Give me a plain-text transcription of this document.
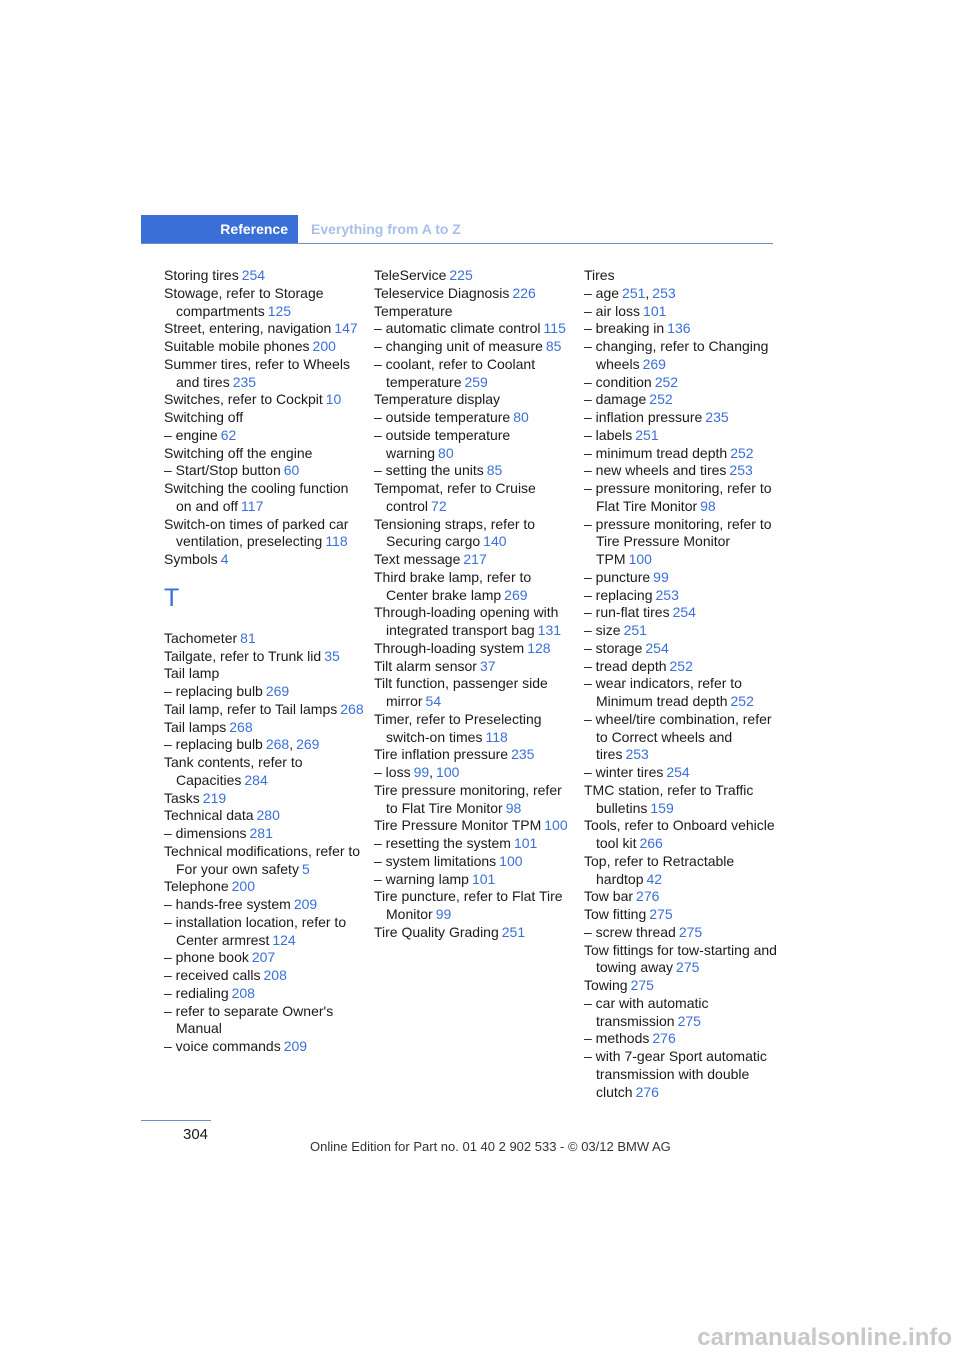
Reference	Everything from A to Z
Storing tires 254
Stowage, refer to Storage compartments 125
Street, entering, navigation 147
Suitable mobile phones 200
Summer tires, refer to Wheels and tires 235
Switches, refer to Cockpit 10
Switching off
– engine 62
Switching off the engine
– Start/Stop button 60
Switching the cooling function on and off 117
Switch-on times of parked car ventilation, preselecting 118
Symbols 4
T
Tachometer 81
Tailgate, refer to Trunk lid 35
Tail lamp
– replacing bulb 269
Tail lamp, refer to Tail lamps 268
Tail lamps 268
– replacing bulb 268, 269
Tank contents, refer to Capacities 284
Tasks 219
Technical data 280
– dimensions 281
Technical modifications, refer to For your own safety 5
Telephone 200
– hands-free system 209
– installation location, refer to Center armrest 124
– phone book 207
– received calls 208
– redialing 208
– refer to separate Owner's Manual
– voice commands 209
TeleService 225
Teleservice Diagnosis 226
Temperature
– automatic climate control 115
– changing unit of measure 85
– coolant, refer to Coolant temperature 259
Temperature display
– outside temperature 80
– outside temperature warning 80
– setting the units 85
Tempomat, refer to Cruise control 72
Tensioning straps, refer to Securing cargo 140
Text message 217
Third brake lamp, refer to Center brake lamp 269
Through-loading opening with integrated transport bag 131
Through-loading system 128
Tilt alarm sensor 37
Tilt function, passenger side mirror 54
Timer, refer to Preselecting switch-on times 118
Tire inflation pressure 235
– loss 99, 100
Tire pressure monitoring, refer to Flat Tire Monitor 98
Tire Pressure Monitor TPM 100
– resetting the system 101
– system limitations 100
– warning lamp 101
Tire puncture, refer to Flat Tire Monitor 99
Tire Quality Grading 251
Tires
– age 251, 253
– air loss 101
– breaking in 136
– changing, refer to Changing wheels 269
– condition 252
– damage 252
– inflation pressure 235
– labels 251
– minimum tread depth 252
– new wheels and tires 253
– pressure monitoring, refer to Flat Tire Monitor 98
– pressure monitoring, refer to Tire Pressure Monitor TPM 100
– puncture 99
– replacing 253
– run-flat tires 254
– size 251
– storage 254
– tread depth 252
– wear indicators, refer to Minimum tread depth 252
– wheel/tire combination, refer to Correct wheels and tires 253
– winter tires 254
TMC station, refer to Traffic bulletins 159
Tools, refer to Onboard vehicle tool kit 266
Top, refer to Retractable hardtop 42
Tow bar 276
Tow fitting 275
– screw thread 275
Tow fittings for tow-starting and towing away 275
Towing 275
– car with automatic transmission 275
– methods 276
– with 7-gear Sport automatic transmission with double clutch 276
304
Online Edition for Part no. 01 40 2 902 533 - © 03/12 BMW AG
carmanualsonline.info
